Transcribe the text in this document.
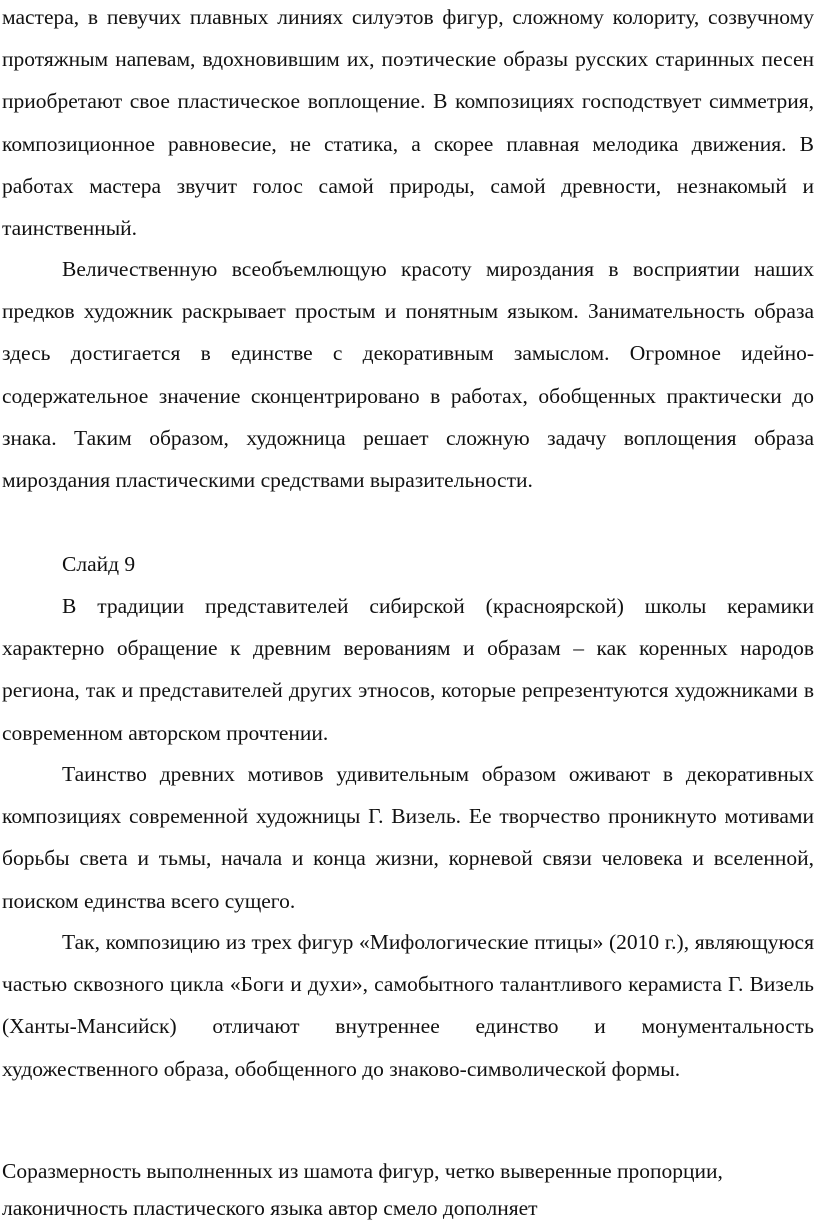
мастера, в певучих плавных линиях силуэтов фигур, сложному колориту, созвучному протяжным напевам, вдохновившим их, поэтические образы русских старинных песен приобретают свое пластическое воплощение. В композициях господствует симметрия, композиционное равновесие, не статика, а скорее плавная мелодика движения. В работах мастера звучит голос самой природы, самой древности, незнакомый и таинственный.

Величественную всеобъемлющую красоту мироздания в восприятии наших предков художник раскрывает простым и понятным языком. Занимательность образа здесь достигается в единстве с декоративным замыслом. Огромное идейно-содержательное значение сконцентрировано в работах, обобщенных практически до знака. Таким образом, художница решает сложную задачу воплощения образа мироздания пластическими средствами выразительности.

Слайд 9

В традиции представителей сибирской (красноярской) школы керамики характерно обращение к древним верованиям и образам – как коренных народов региона, так и представителей других этносов, которые репрезентуются художниками в современном авторском прочтении.

Таинство древних мотивов удивительным образом оживают в декоративных композициях современной художницы Г. Визель. Ее творчество проникнуто мотивами борьбы света и тьмы, начала и конца жизни, корневой связи человека и вселенной, поиском единства всего сущего.

Так, композицию из трех фигур «Мифологические птицы» (2010 г.), являющуюся частью сквозного цикла «Боги и духи», самобытного талантливого керамиста Г. Визель (Ханты-Мансийск) отличают внутреннее единство и монументальность художественного образа, обобщенного до знаково-символической формы.

Соразмерность выполненных из шамота фигур, четко выверенные пропорции, лаконичность пластического языка автор смело дополняет
